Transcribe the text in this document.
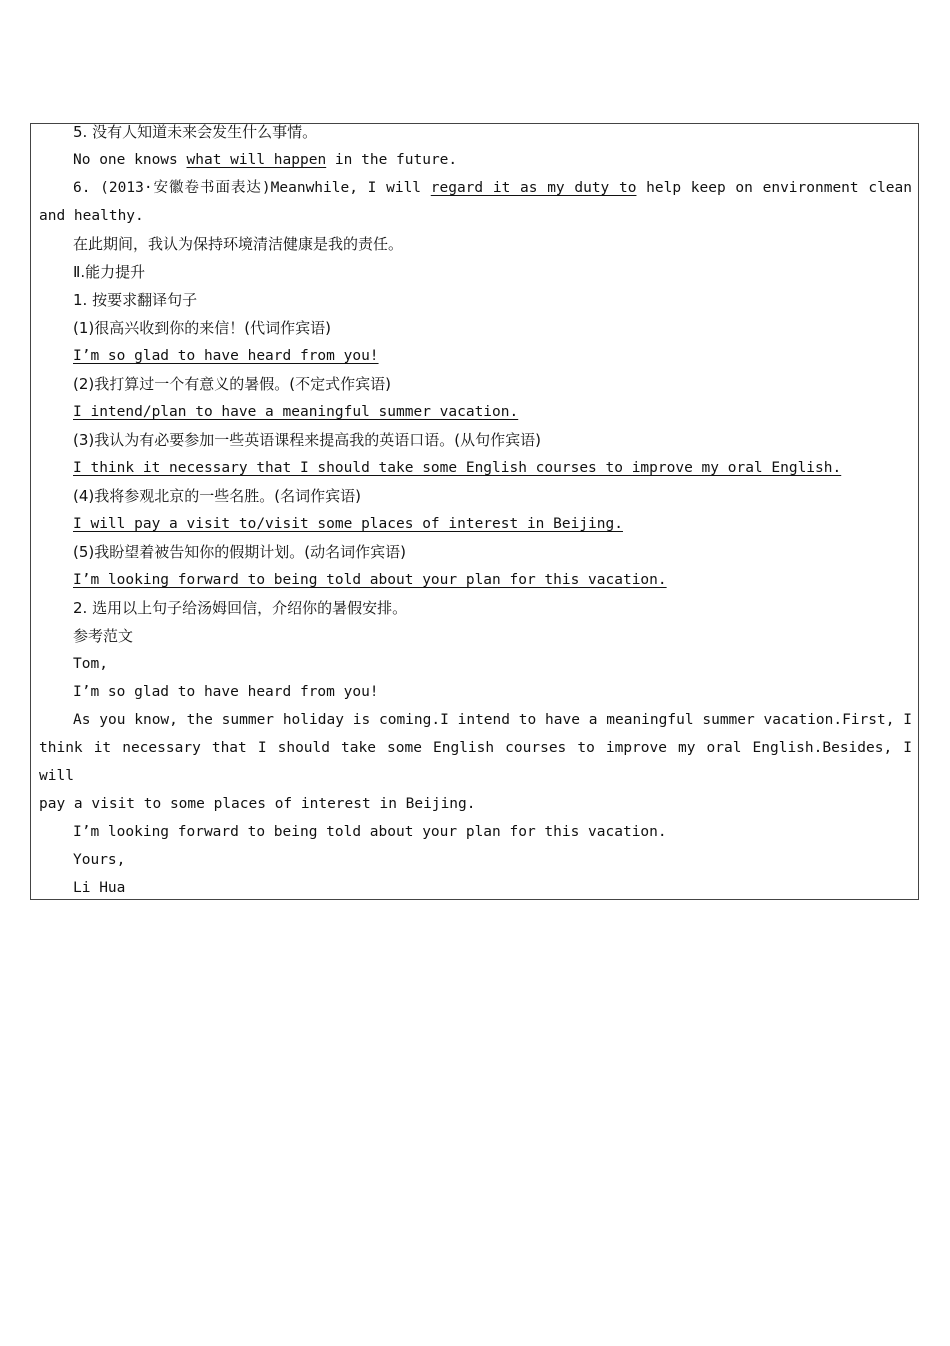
5. 没有人知道未来会发生什么事情。
No one knows what will happen in the future.
6. (2013·安徽卷书面表达)Meanwhile, I will regard it as my duty to help keep on environment clean
and healthy.
在此期间，我认为保持环境清洁健康是我的责任。
Ⅱ.能力提升
1. 按要求翻译句子
(1)很高兴收到你的来信！(代词作宾语)
I’m so glad to have heard from you!
(2)我打算过一个有意义的暑假。(不定式作宾语)
I intend/plan to have a meaningful summer vacation.
(3)我认为有必要参加一些英语课程来提高我的英语口语。(从句作宾语)
I think it necessary that I should take some English courses to improve my oral English.
(4)我将参观北京的一些名胜。(名词作宾语)
I will pay a visit to/visit some places of interest in Beijing.
(5)我盼望着被告知你的假期计划。(动名词作宾语)
I’m looking forward to being told about your plan for this vacation.
2. 选用以上句子给汤姆回信，介绍你的暑假安排。
参考范文
Tom,
I’m so glad to have heard from you!
As you know, the summer holiday is coming.I intend to have a meaningful summer vacation.First, I
think it necessary that I should take some English courses to improve my oral English.Besides, I will
pay a visit to some places of interest in Beijing.
I’m looking forward to being told about your plan for this vacation.
Yours,
Li Hua
